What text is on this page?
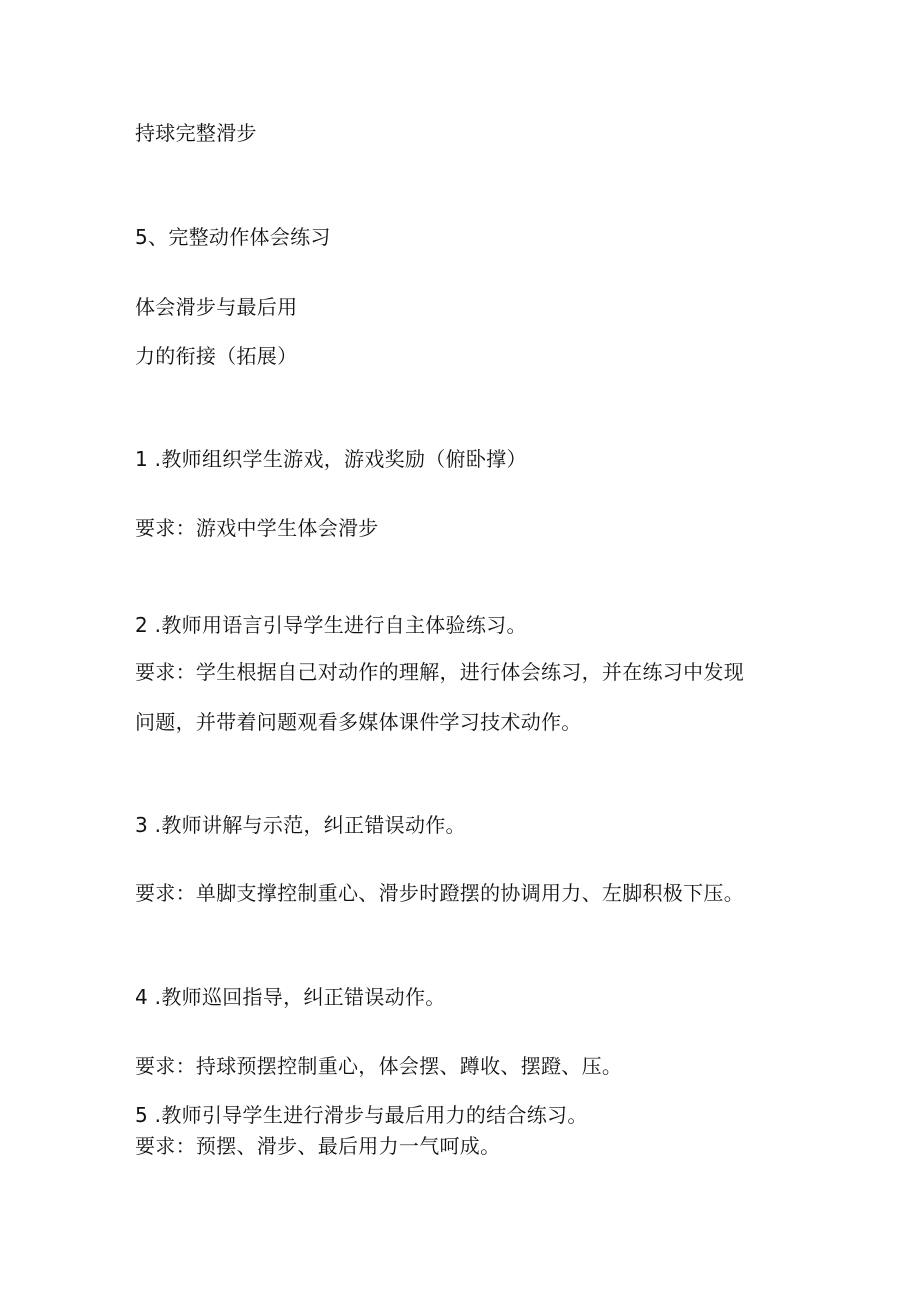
持球完整滑步
5、完整动作体会练习
体会滑步与最后用
力的衔接（拓展）
1 .教师组织学生游戏，游戏奖励（俯卧撑）
要求：游戏中学生体会滑步
2 .教师用语言引导学生进行自主体验练习。
要求：学生根据自己对动作的理解，进行体会练习，并在练习中发现
问题，并带着问题观看多媒体课件学习技术动作。
3 .教师讲解与示范，纠正错误动作。
要求：单脚支撑控制重心、滑步时蹬摆的协调用力、左脚积极下压。
4 .教师巡回指导，纠正错误动作。
要求：持球预摆控制重心，体会摆、蹲收、摆蹬、压。
5 .教师引导学生进行滑步与最后用力的结合练习。
要求：预摆、滑步、最后用力一气呵成。
